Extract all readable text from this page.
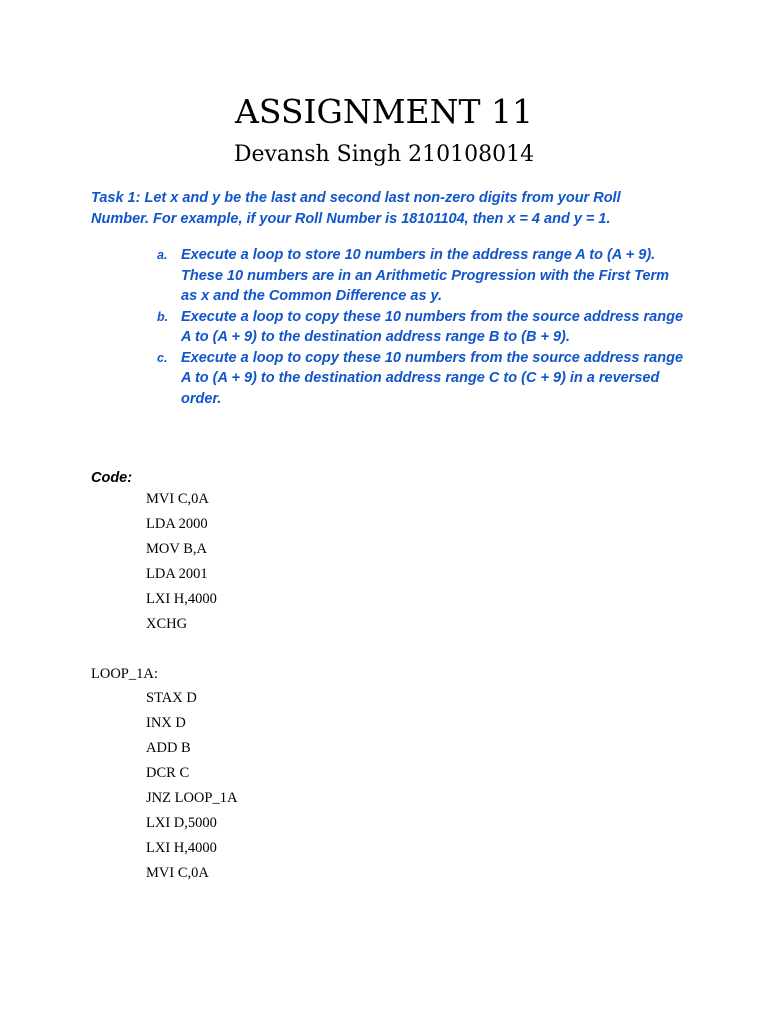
ASSIGNMENT 11
Devansh Singh 210108014
Task 1: Let x and y be the last and second last non-zero digits from your Roll Number. For example, if your Roll Number is 18101104, then x = 4 and y = 1.
a. Execute a loop to store 10 numbers in the address range A to (A + 9). These 10 numbers are in an Arithmetic Progression with the First Term as x and the Common Difference as y.
b. Execute a loop to copy these 10 numbers from the source address range A to (A + 9) to the destination address range B to (B + 9).
c. Execute a loop to copy these 10 numbers from the source address range A to (A + 9) to the destination address range C to (C + 9) in a reversed order.
Code:
MVI C,0A
LDA 2000
MOV B,A
LDA 2001
LXI H,4000
XCHG
LOOP_1A:
STAX D
INX D
ADD B
DCR C
JNZ LOOP_1A
LXI D,5000
LXI H,4000
MVI C,0A
